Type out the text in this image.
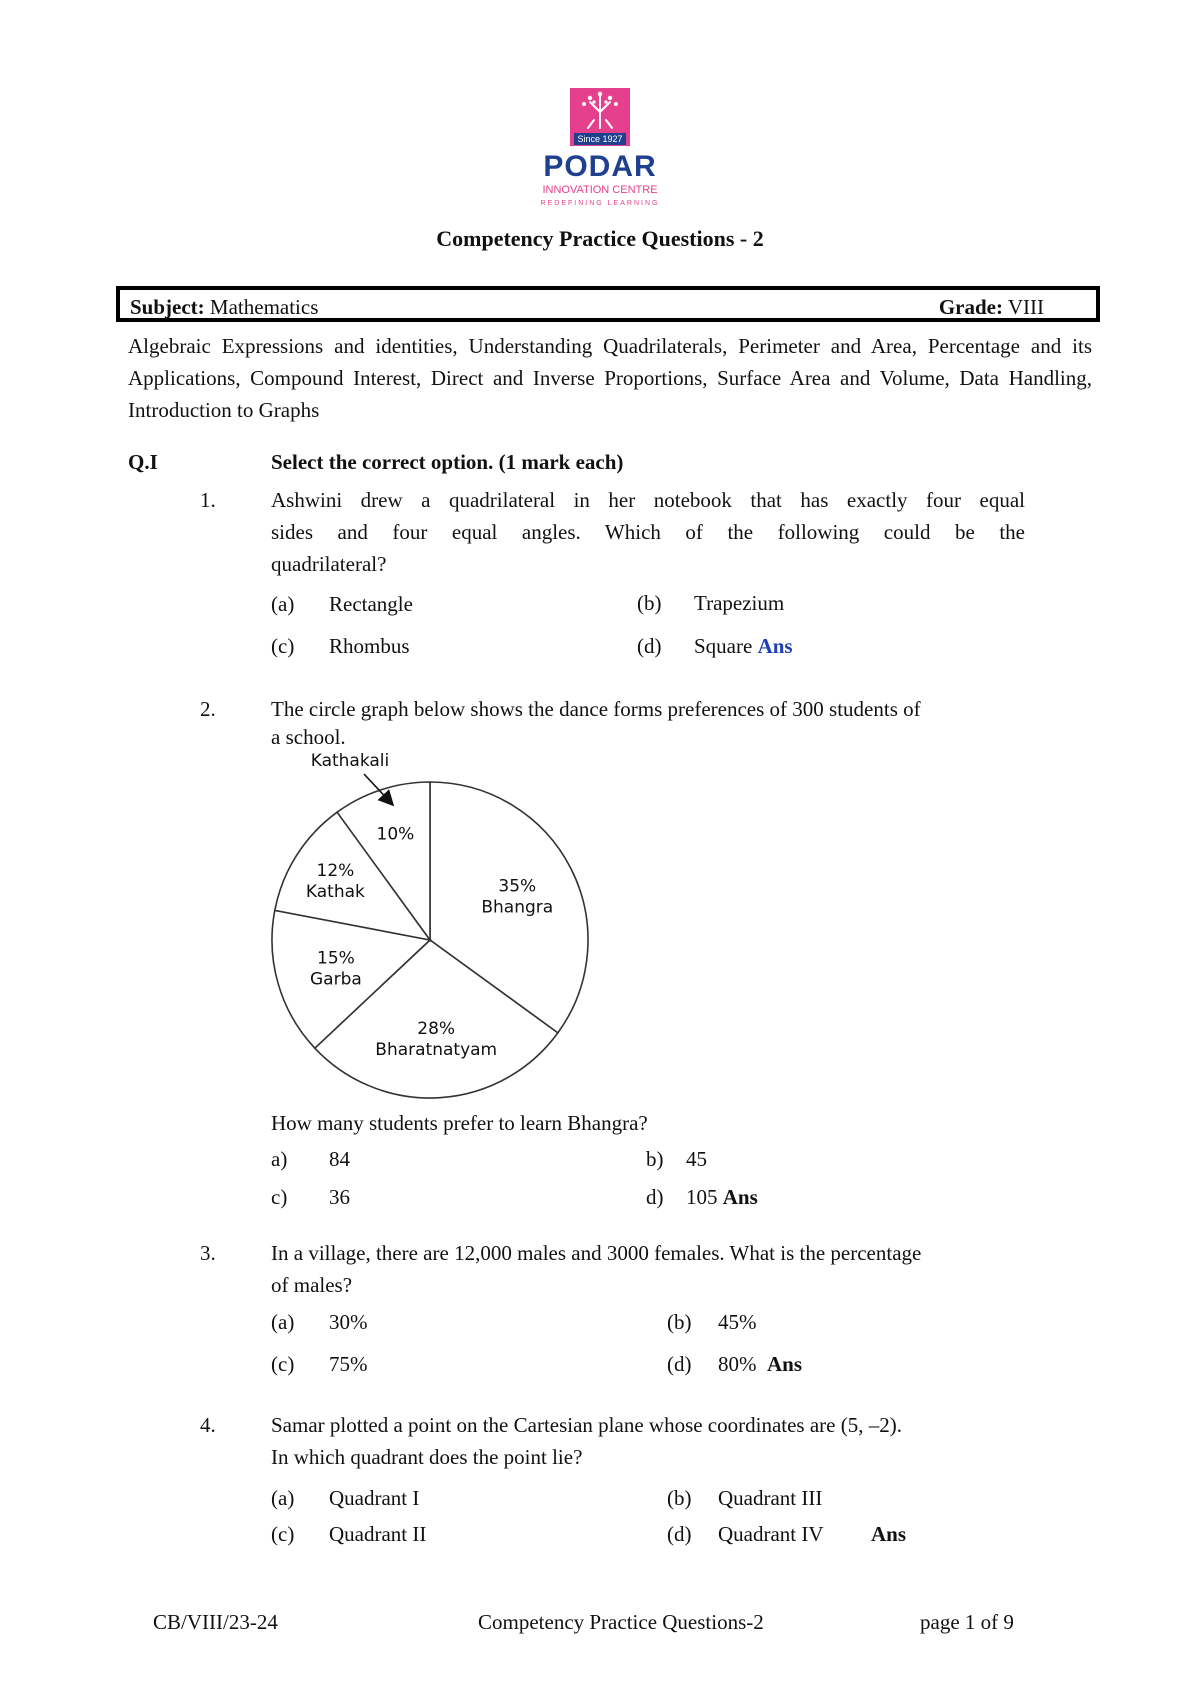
Since 1927
PODAR
INNOVATION CENTRE
REDEFINING LEARNING
Competency Practice Questions - 2
Subject: Mathematics	Grade: VIII
Algebraic Expressions and identities, Understanding Quadrilaterals, Perimeter and Area, Percentage and its Applications, Compound Interest, Direct and Inverse Proportions, Surface Area and Volume, Data Handling, Introduction to Graphs
Q.I	Select the correct option. (1 mark each)
1.	Ashwini drew a quadrilateral in her notebook that has exactly four equal
sides and four equal angles. Which of the following could be the
quadrilateral?
(a) Rectangle	(b) Trapezium
(c) Rhombus	(d) Square Ans
2.	The circle graph below shows the dance forms preferences of 300 students of
a school.
35%
Bhangra
28%
Bharatnatyam
15%
Garba
12%
Kathak
10%
Kathakali
How many students prefer to learn Bhangra?
a) 84	b) 45
c) 36	d) 105 Ans
3.	In a village, there are 12,000 males and 3000 females. What is the percentage
of males?
(a) 30%	(b) 45%
(c) 75%	(d) 80% Ans
4.	Samar plotted a point on the Cartesian plane whose coordinates are (5, –2).
In which quadrant does the point lie?
(a) Quadrant I	(b) Quadrant III
(c) Quadrant II	(d) Quadrant IV Ans
CB/VIII/23-24	Competency Practice Questions-2	page 1 of 9
